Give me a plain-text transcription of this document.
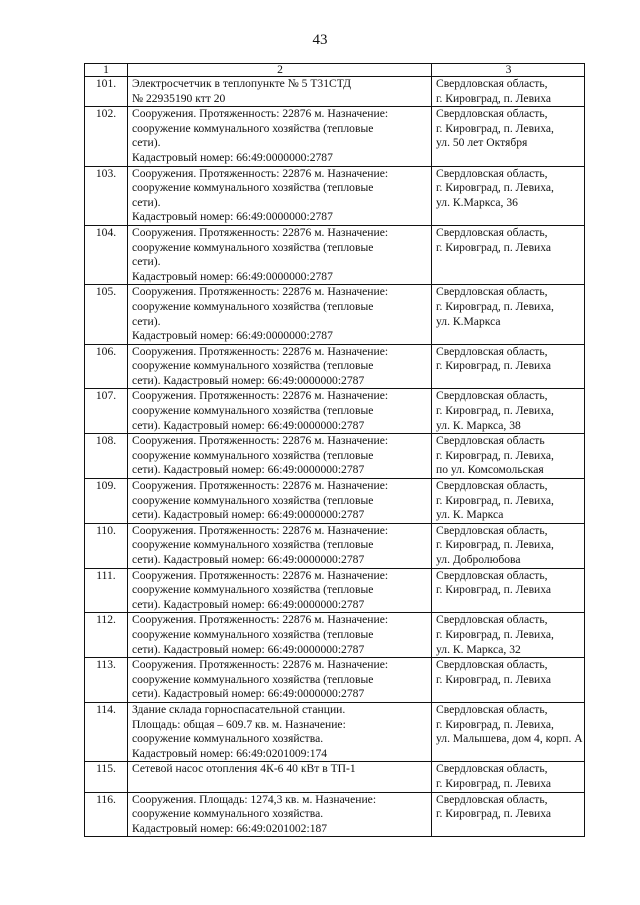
43
1	2	3
101.	Электросчетчик в теплопункте № 5 Т31СТД
№ 22935190 ктт 20	Свердловская область,
г. Кировград, п. Левиха

102.	Сооружения. Протяженность: 22876 м. Назначение:
сооружение коммунального хозяйства (тепловые
сети).
Кадастровый номер: 66:49:0000000:2787	Свердловская область,
г. Кировград, п. Левиха,
ул. 50 лет Октября

103.	Сооружения. Протяженность: 22876 м. Назначение:
сооружение коммунального хозяйства (тепловые
сети).
Кадастровый номер: 66:49:0000000:2787	Свердловская область,
г. Кировград, п. Левиха,
ул. К.Маркса, 36

104.	Сооружения. Протяженность: 22876 м. Назначение:
сооружение коммунального хозяйства (тепловые
сети).
Кадастровый номер: 66:49:0000000:2787	Свердловская область,
г. Кировград, п. Левиха

105.	Сооружения. Протяженность: 22876 м. Назначение:
сооружение коммунального хозяйства (тепловые
сети).
Кадастровый номер: 66:49:0000000:2787	Свердловская область,
г. Кировград, п. Левиха,
ул. К.Маркса

106.	Сооружения. Протяженность: 22876 м. Назначение:
сооружение коммунального хозяйства (тепловые
сети). Кадастровый номер: 66:49:0000000:2787	Свердловская область,
г. Кировград, п. Левиха

107.	Сооружения. Протяженность: 22876 м. Назначение:
сооружение коммунального хозяйства (тепловые
сети). Кадастровый номер: 66:49:0000000:2787	Свердловская область,
г. Кировград, п. Левиха,
ул. К. Маркса, 38

108.	Сооружения. Протяженность: 22876 м. Назначение:
сооружение коммунального хозяйства (тепловые
сети). Кадастровый номер: 66:49:0000000:2787	Свердловская область
г. Кировград, п. Левиха,
по ул. Комсомольская

109.	Сооружения. Протяженность: 22876 м. Назначение:
сооружение коммунального хозяйства (тепловые
сети). Кадастровый номер: 66:49:0000000:2787	Свердловская область,
г. Кировград, п. Левиха,
ул. К. Маркса

110.	Сооружения. Протяженность: 22876 м. Назначение:
сооружение коммунального хозяйства (тепловые
сети). Кадастровый номер: 66:49:0000000:2787	Свердловская область,
г. Кировград, п. Левиха,
ул. Добролюбова

111.	Сооружения. Протяженность: 22876 м. Назначение:
сооружение коммунального хозяйства (тепловые
сети). Кадастровый номер: 66:49:0000000:2787	Свердловская область,
г. Кировград, п. Левиха

112.	Сооружения. Протяженность: 22876 м. Назначение:
сооружение коммунального хозяйства (тепловые
сети). Кадастровый номер: 66:49:0000000:2787	Свердловская область,
г. Кировград, п. Левиха,
ул. К. Маркса, 32

113.	Сооружения. Протяженность: 22876 м. Назначение:
сооружение коммунального хозяйства (тепловые
сети). Кадастровый номер: 66:49:0000000:2787	Свердловская область,
г. Кировград, п. Левиха

114.	Здание склада горноспасательной станции.
Площадь: общая – 609.7 кв. м. Назначение:
сооружение коммунального хозяйства.
Кадастровый номер: 66:49:0201009:174	Свердловская область,
г. Кировград, п. Левиха,
ул. Малышева, дом 4, корп. А

115.	Сетевой насос отопления 4К-6 40 кВт в ТП-1	Свердловская область,
г. Кировград, п. Левиха

116.	Сооружения. Площадь: 1274,3 кв. м. Назначение:
сооружение коммунального хозяйства.
Кадастровый номер: 66:49:0201002:187	Свердловская область,
г. Кировград, п. Левиха
